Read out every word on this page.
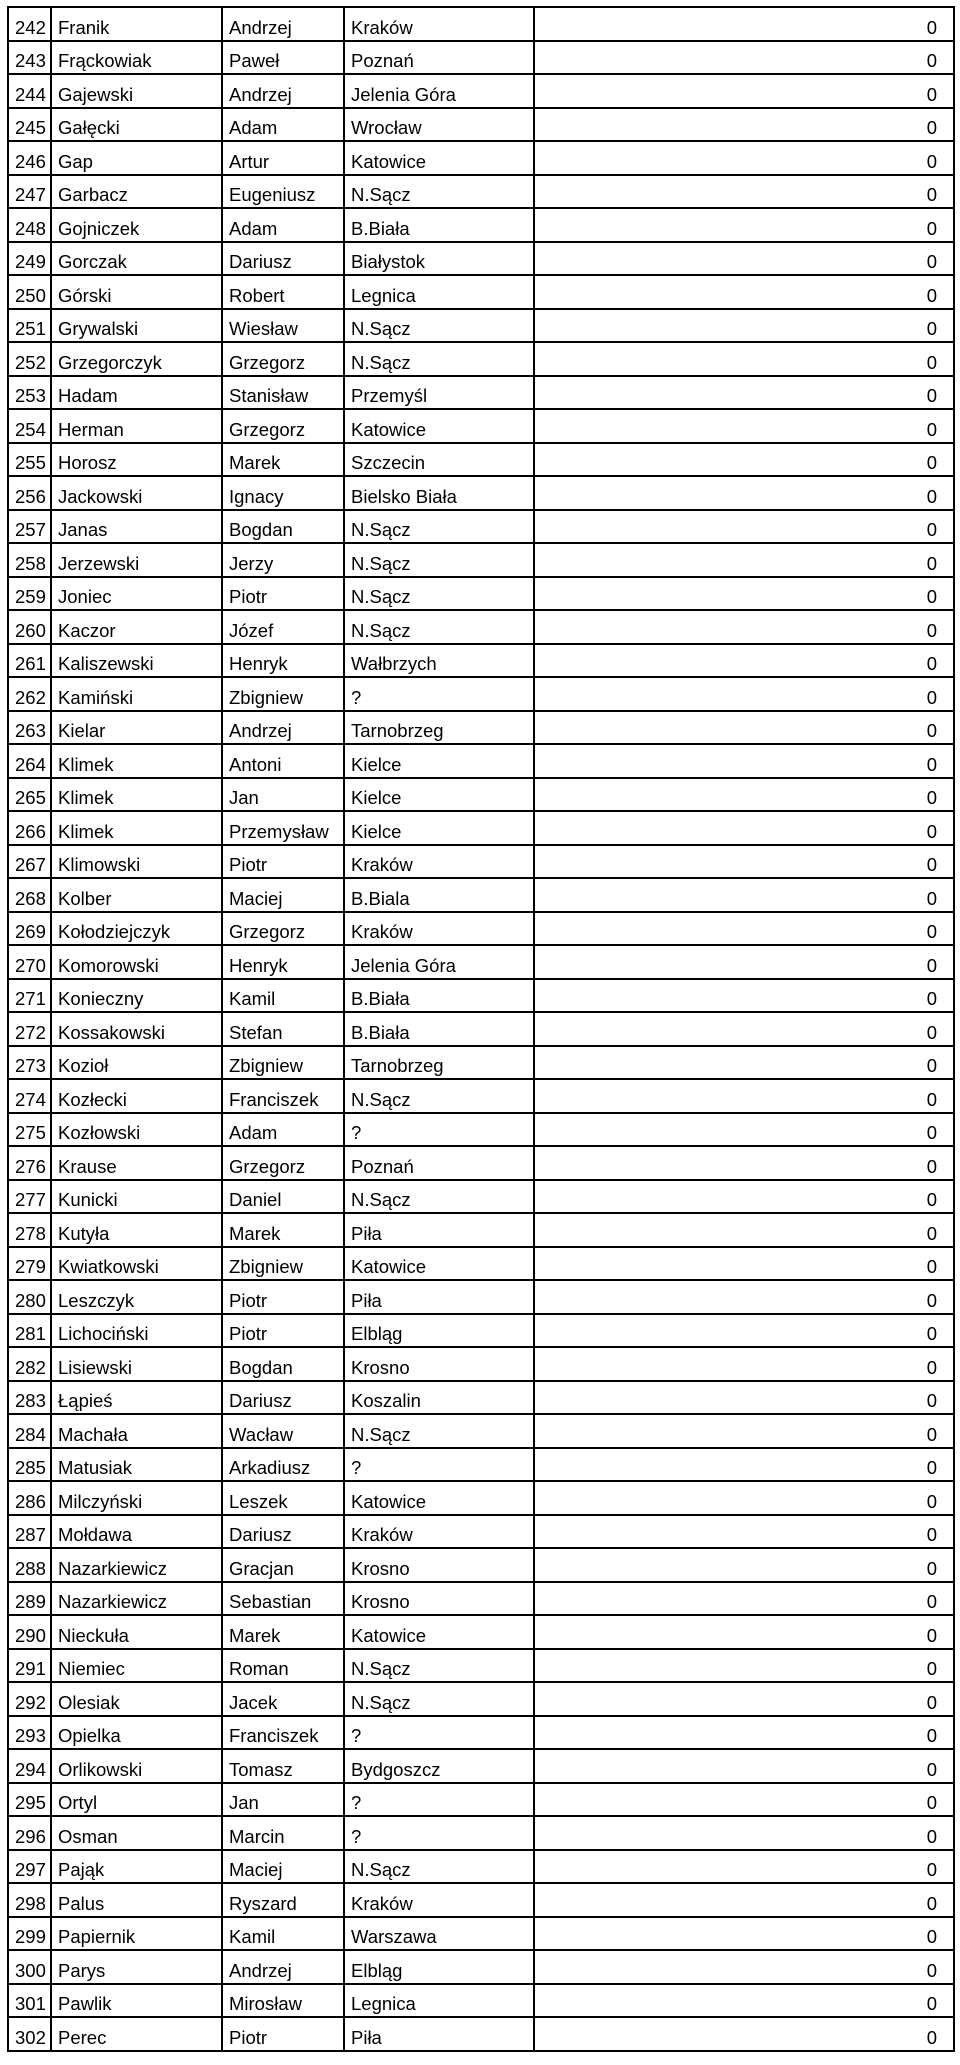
242	Franik	Andrzej	Kraków	0
243	Frąckowiak	Paweł	Poznań	0
244	Gajewski	Andrzej	Jelenia Góra	0
245	Gałęcki	Adam	Wrocław	0
246	Gap	Artur	Katowice	0
247	Garbacz	Eugeniusz	N.Sącz	0
248	Gojniczek	Adam	B.Biała	0
249	Gorczak	Dariusz	Białystok	0
250	Górski	Robert	Legnica	0
251	Grywalski	Wiesław	N.Sącz	0
252	Grzegorczyk	Grzegorz	N.Sącz	0
253	Hadam	Stanisław	Przemyśl	0
254	Herman	Grzegorz	Katowice	0
255	Horosz	Marek	Szczecin	0
256	Jackowski	Ignacy	Bielsko Biała	0
257	Janas	Bogdan	N.Sącz	0
258	Jerzewski	Jerzy	N.Sącz	0
259	Joniec	Piotr	N.Sącz	0
260	Kaczor	Józef	N.Sącz	0
261	Kaliszewski	Henryk	Wałbrzych	0
262	Kamiński	Zbigniew	?	0
263	Kielar	Andrzej	Tarnobrzeg	0
264	Klimek	Antoni	Kielce	0
265	Klimek	Jan	Kielce	0
266	Klimek	Przemysław	Kielce	0
267	Klimowski	Piotr	Kraków	0
268	Kolber	Maciej	B.Biala	0
269	Kołodziejczyk	Grzegorz	Kraków	0
270	Komorowski	Henryk	Jelenia Góra	0
271	Konieczny	Kamil	B.Biała	0
272	Kossakowski	Stefan	B.Biała	0
273	Kozioł	Zbigniew	Tarnobrzeg	0
274	Kozłecki	Franciszek	N.Sącz	0
275	Kozłowski	Adam	?	0
276	Krause	Grzegorz	Poznań	0
277	Kunicki	Daniel	N.Sącz	0
278	Kutyła	Marek	Piła	0
279	Kwiatkowski	Zbigniew	Katowice	0
280	Leszczyk	Piotr	Piła	0
281	Lichociński	Piotr	Elbląg	0
282	Lisiewski	Bogdan	Krosno	0
283	Łąpieś	Dariusz	Koszalin	0
284	Machała	Wacław	N.Sącz	0
285	Matusiak	Arkadiusz	?	0
286	Milczyński	Leszek	Katowice	0
287	Mołdawa	Dariusz	Kraków	0
288	Nazarkiewicz	Gracjan	Krosno	0
289	Nazarkiewicz	Sebastian	Krosno	0
290	Nieckuła	Marek	Katowice	0
291	Niemiec	Roman	N.Sącz	0
292	Olesiak	Jacek	N.Sącz	0
293	Opielka	Franciszek	?	0
294	Orlikowski	Tomasz	Bydgoszcz	0
295	Ortyl	Jan	?	0
296	Osman	Marcin	?	0
297	Pająk	Maciej	N.Sącz	0
298	Palus	Ryszard	Kraków	0
299	Papiernik	Kamil	Warszawa	0
300	Parys	Andrzej	Elbląg	0
301	Pawlik	Mirosław	Legnica	0
302	Perec	Piotr	Piła	0
